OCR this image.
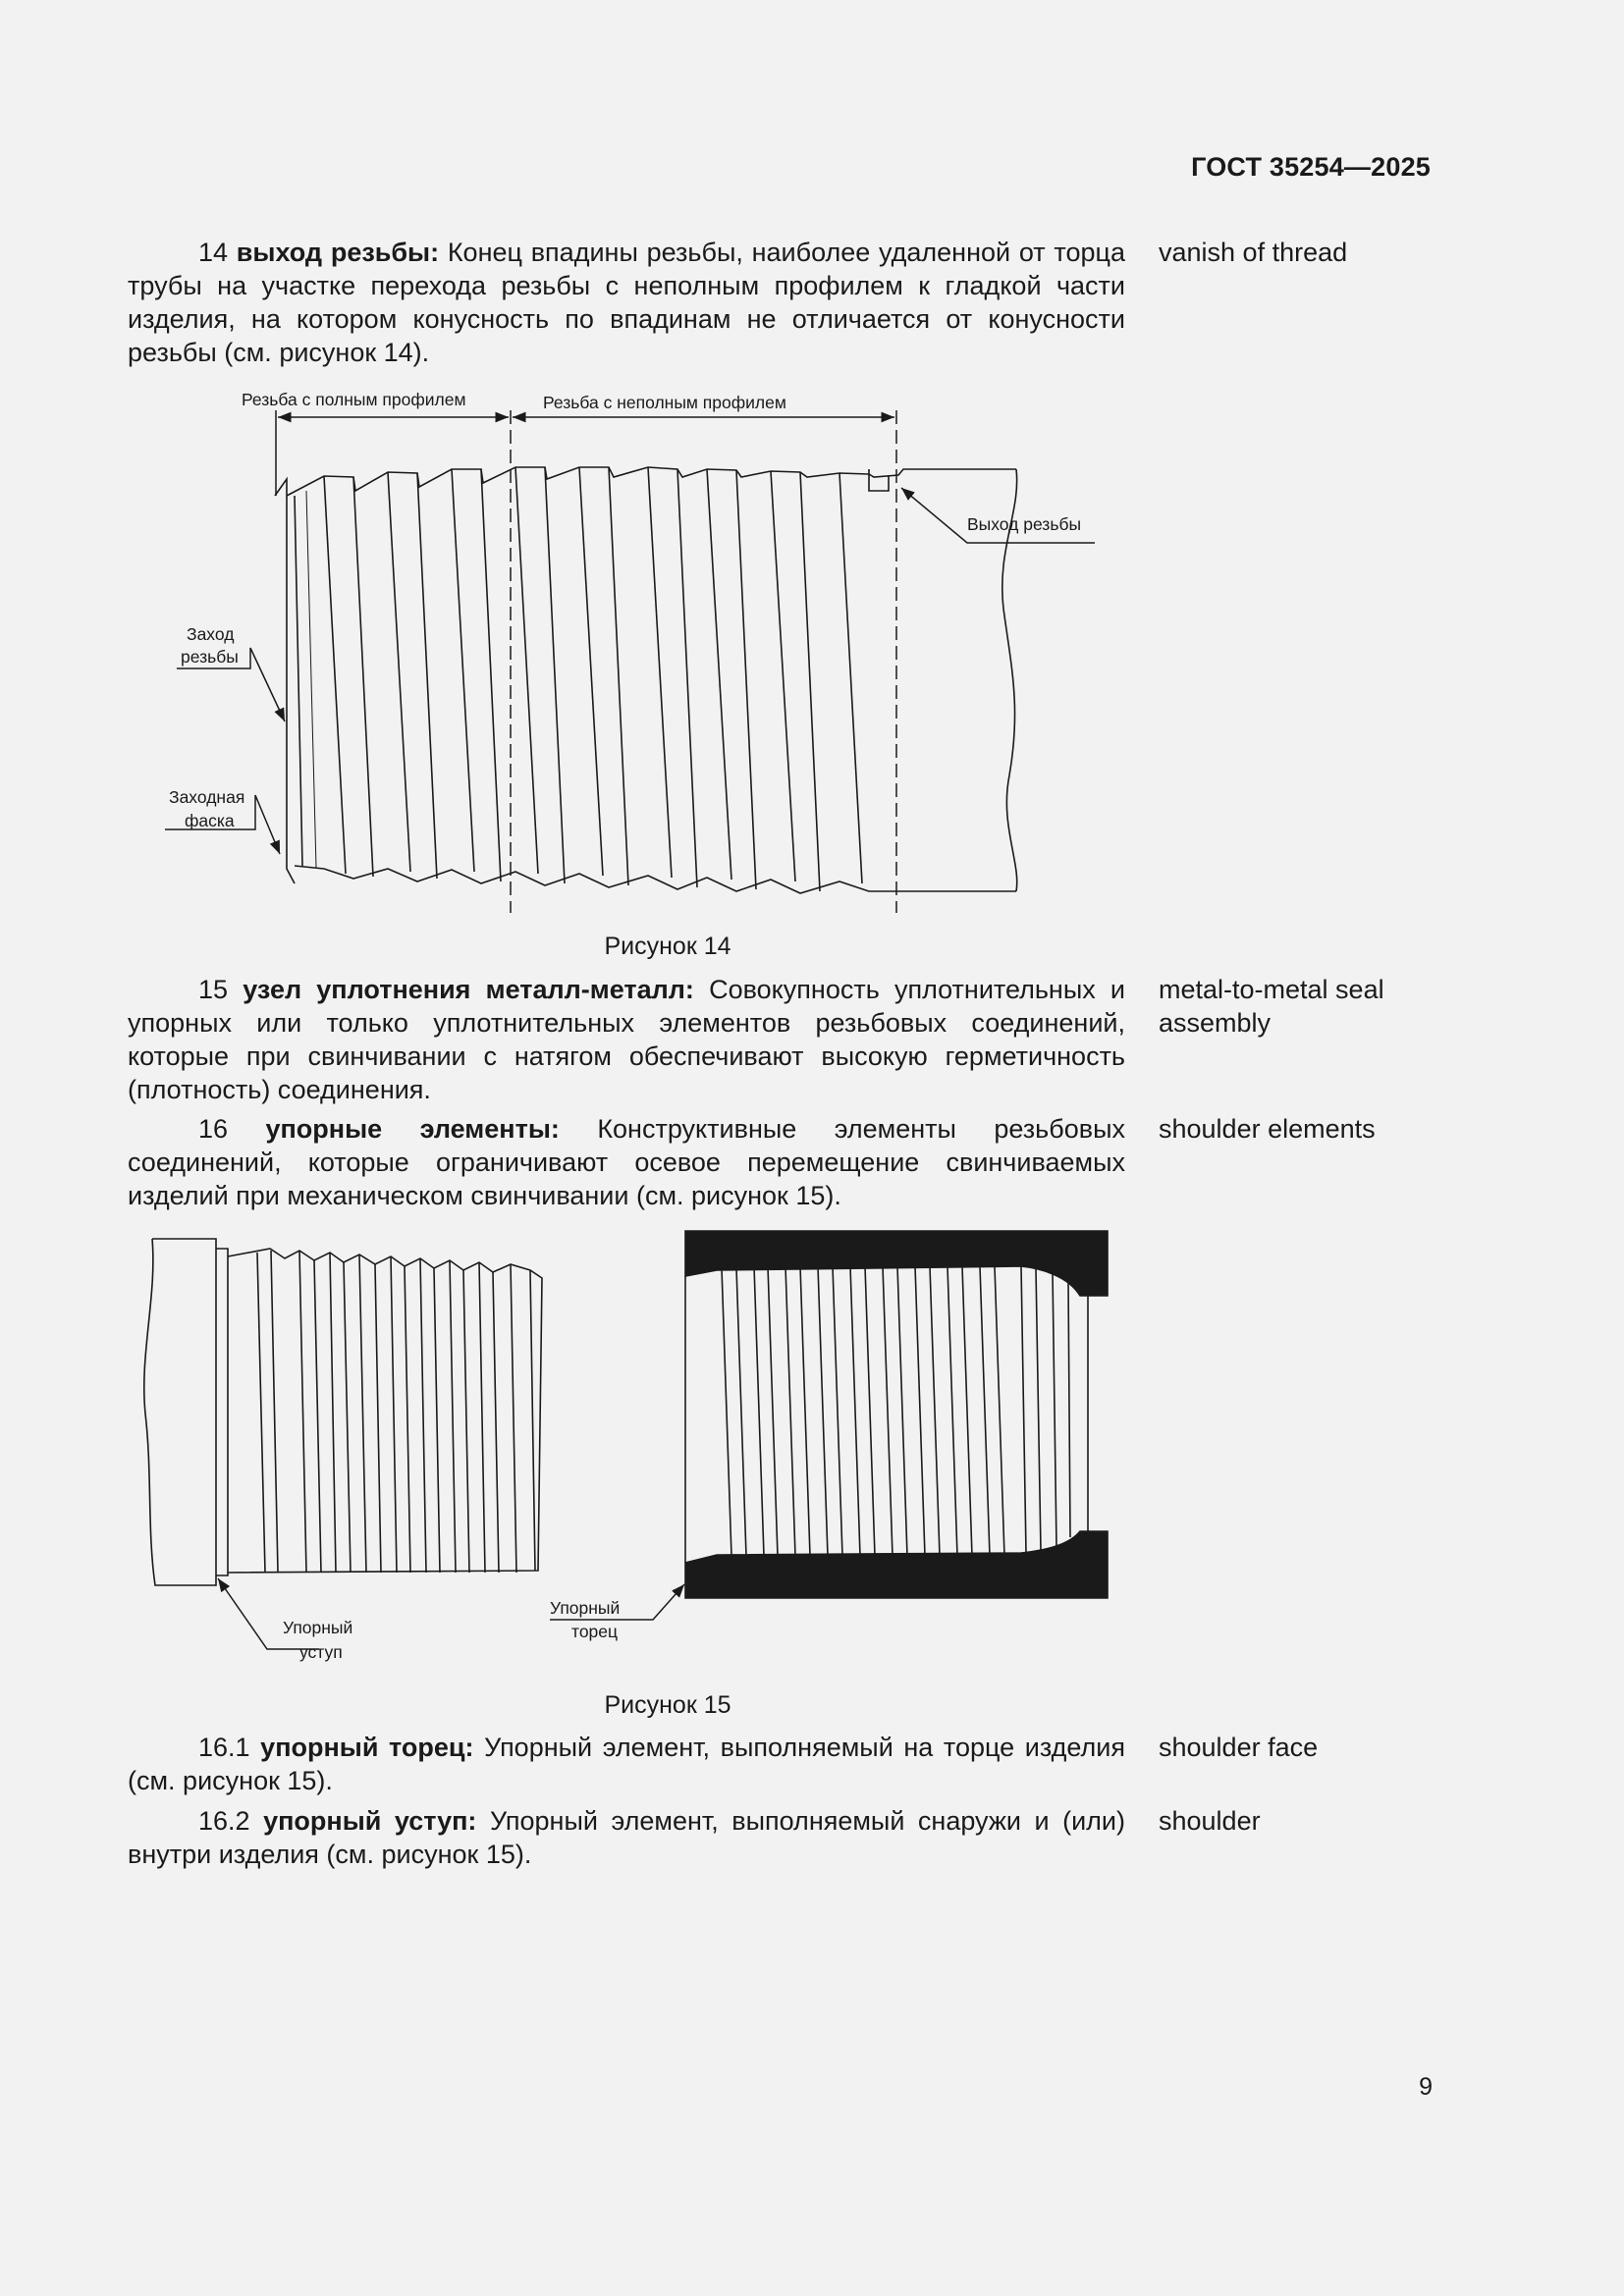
ГОСТ 35254—2025
14 выход резьбы: Конец впадины резьбы, наиболее удаленной от торца трубы на участке перехода резьбы с неполным профилем к гладкой части изделия, на котором конусность по впадинам не отличается от конусности резьбы (см. рисунок 14).
vanish of thread
Резьба с полным профилем	Резьба с неполным профилем
Выход резьбы
Заход
резьбы
Заходная
фаска
Рисунок 14
15 узел уплотнения металл-металл: Совокупность уплотнительных и упорных или только уплотнительных элементов резьбовых соединений, которые при свинчивании с натягом обеспечивают высокую герметичность (плотность) соединения.
metal-to-metal seal assembly
16 упорные элементы: Конструктивные элементы резьбовых соединений, которые ограничивают осевое перемещение свинчиваемых изделий при механическом свинчивании (см. рисунок 15).
shoulder elements
Упорный
уступ
Упорный
торец
Рисунок 15
16.1 упорный торец: Упорный элемент, выполняемый на торце изделия (см. рисунок 15).
shoulder face
16.2 упорный уступ: Упорный элемент, выполняемый снаружи и (или) внутри изделия (см. рисунок 15).
shoulder
9
